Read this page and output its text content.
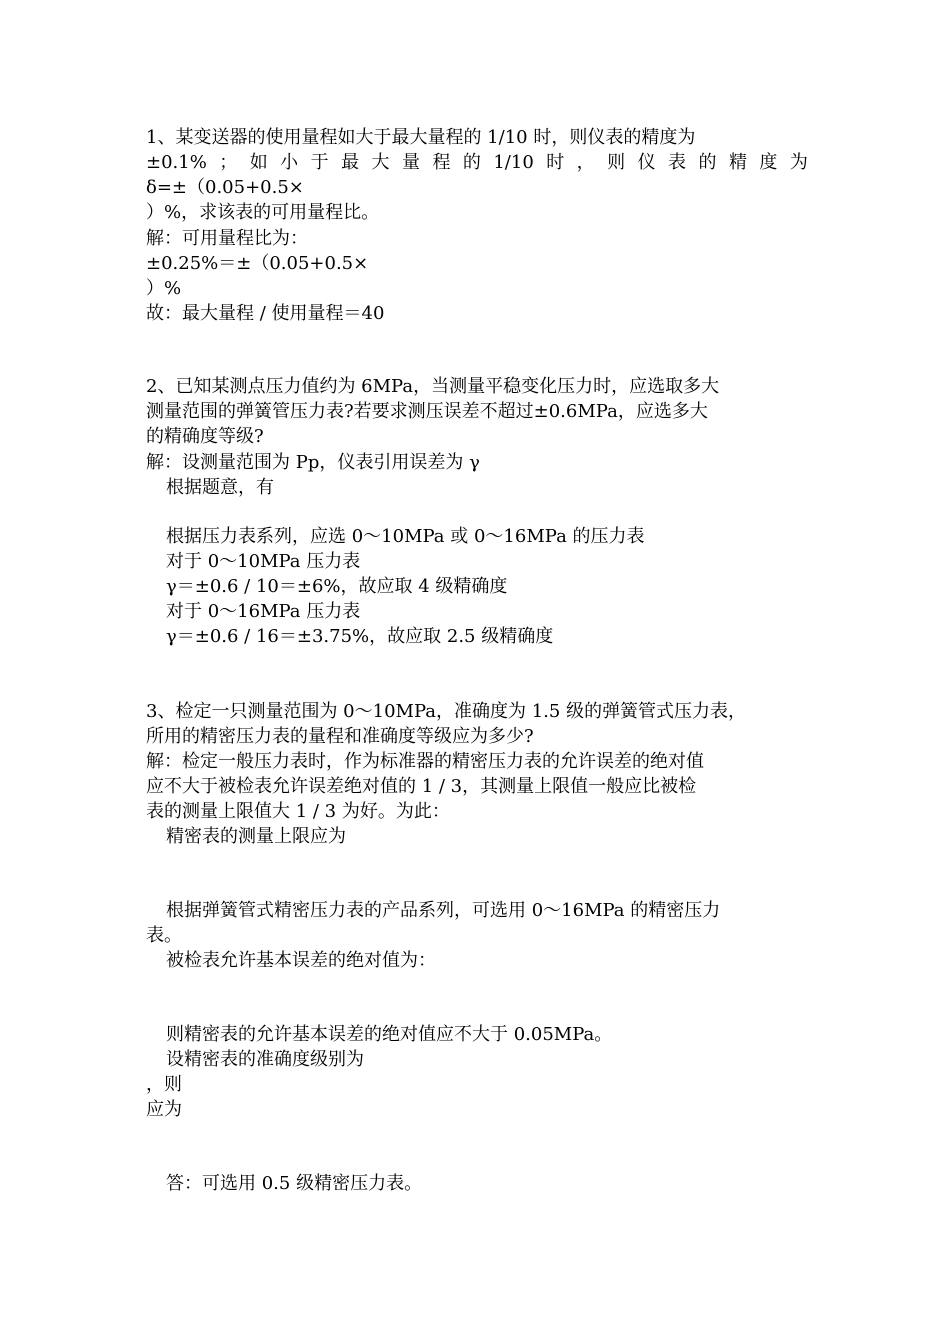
1、某变送器的使用量程如大于最大量程的 1/10 时，则仪表的精度为
±0.1% ； 如 小 于 最 大 量 程 的 1/10 时 ， 则 仪 表 的 精 度 为
δ=±（0.05+0.5×
）%，求该表的可用量程比。
解：可用量程比为：
±0.25%＝±（0.05+0.5×
）%
故：最大量程 / 使用量程＝40
2、已知某测点压力值约为 6MPa，当测量平稳变化压力时，应选取多大
测量范围的弹簧管压力表?若要求测压误差不超过±0.6MPa，应选多大
的精确度等级?
解：设测量范围为 Pp，仪表引用误差为 γ
根据题意，有
根据压力表系列，应选 0～10MPa 或 0～16MPa 的压力表
对于 0～10MPa 压力表
γ＝±0.6 / 10＝±6%，故应取 4 级精确度
对于 0～16MPa 压力表
γ＝±0.6 / 16＝±3.75%，故应取 2.5 级精确度
3、检定一只测量范围为 0～10MPa，准确度为 1.5 级的弹簧管式压力表，
所用的精密压力表的量程和准确度等级应为多少?
解：检定一般压力表时，作为标准器的精密压力表的允许误差的绝对值
应不大于被检表允许误差绝对值的 1 / 3，其测量上限值一般应比被检
表的测量上限值大 1 / 3 为好。为此：
精密表的测量上限应为
根据弹簧管式精密压力表的产品系列，可选用 0～16MPa 的精密压力
表。
被检表允许基本误差的绝对值为：
则精密表的允许基本误差的绝对值应不大于 0.05MPa。
设精密表的准确度级别为
，则
应为
答：可选用 0.5 级精密压力表。
